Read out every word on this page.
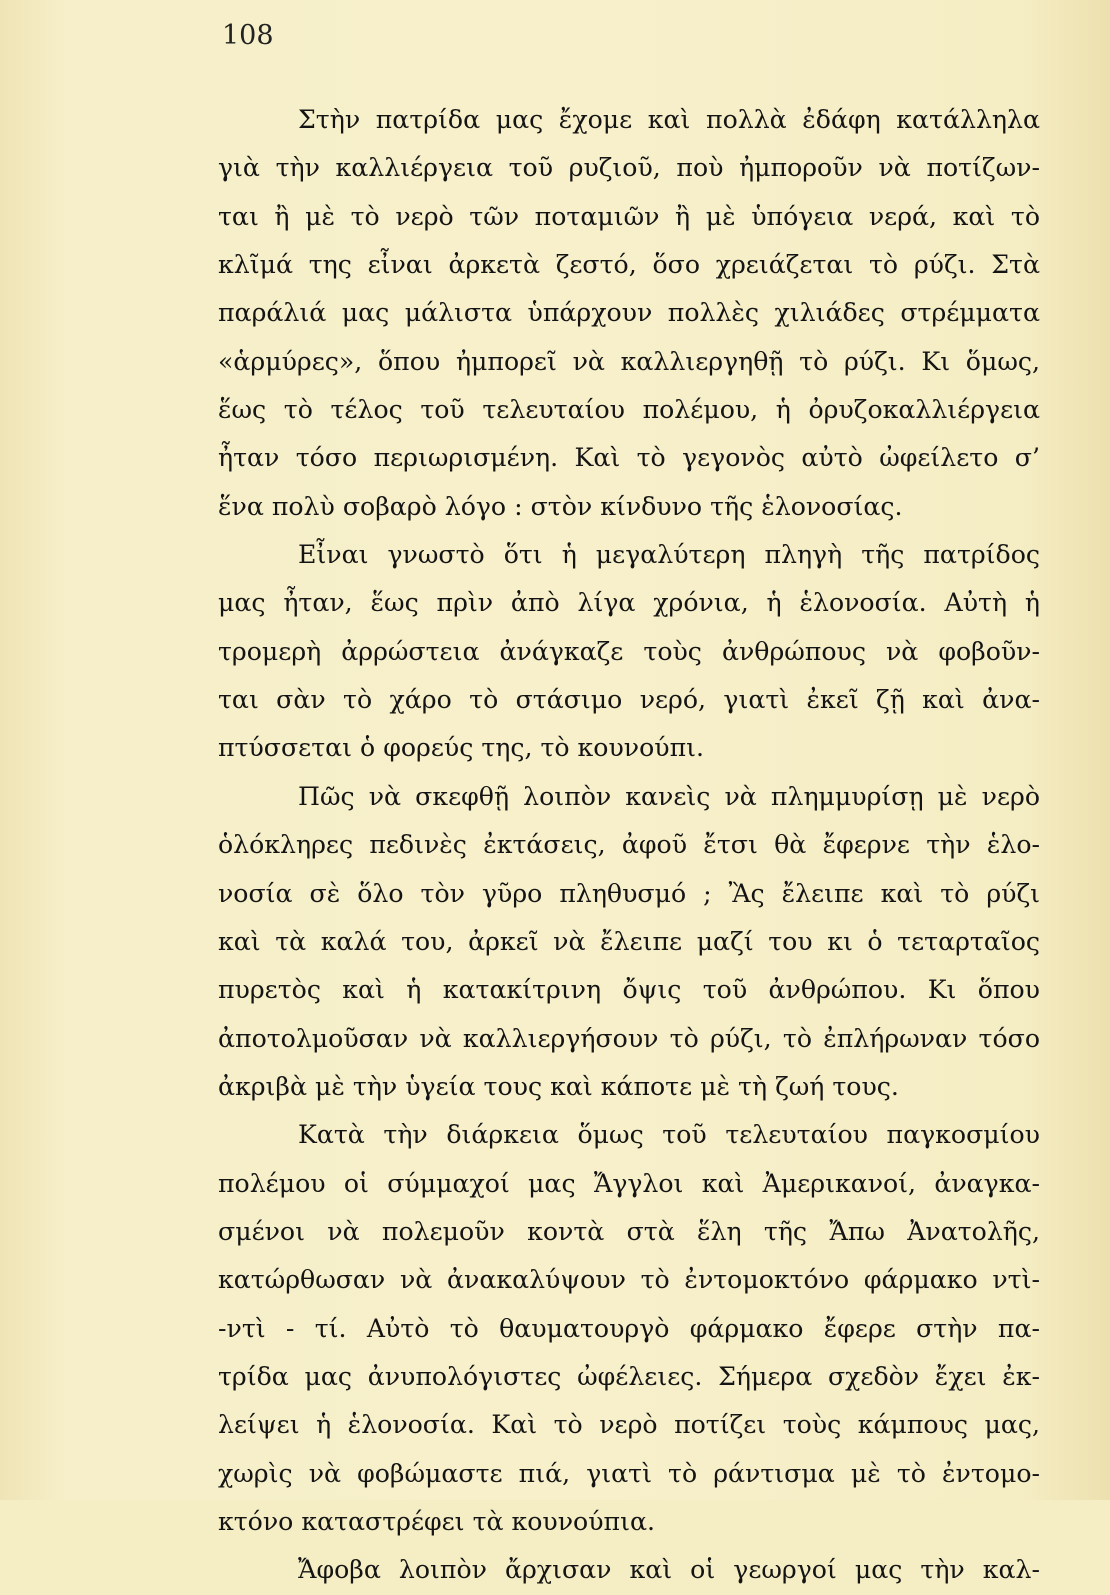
108
Στὴν πατρίδα μας ἔχομε καὶ πολλὰ ἐδάφη κατάλληλα
γιὰ τὴν καλλιέργεια τοῦ ρυζιοῦ, ποὺ ἠμποροῦν νὰ ποτίζων-
ται ἢ μὲ τὸ νερὸ τῶν ποταμιῶν ἢ μὲ ὑπόγεια νερά, καὶ τὸ
κλῖμά της εἶναι ἀρκετὰ ζεστό, ὅσο χρειάζεται τὸ ρύζι. Στὰ
παράλιά μας μάλιστα ὑπάρχουν πολλὲς χιλιάδες στρέμματα
«ἁρμύρες», ὅπου ἠμπορεῖ νὰ καλλιεργηθῇ τὸ ρύζι. Κι ὅμως,
ἕως τὸ τέλος τοῦ τελευταίου πολέμου, ἡ ὀρυζοκαλλιέργεια
ἦταν τόσο περιωρισμένη. Καὶ τὸ γεγονὸς αὐτὸ ὠφείλετο σ’
ἕνα πολὺ σοβαρὸ λόγο : στὸν κίνδυνο τῆς ἑλονοσίας.
Εἶναι γνωστὸ ὅτι ἡ μεγαλύτερη πληγὴ τῆς πατρίδος
μας ἦταν, ἕως πρὶν ἀπὸ λίγα χρόνια, ἡ ἑλονοσία. Αὐτὴ ἡ
τρομερὴ ἀρρώστεια ἀνάγκαζε τοὺς ἀνθρώπους νὰ φοβοῦν-
ται σὰν τὸ χάρο τὸ στάσιμο νερό, γιατὶ ἐκεῖ ζῇ καὶ ἀνα-
πτύσσεται ὁ φορεύς της, τὸ κουνούπι.
Πῶς νὰ σκεφθῇ λοιπὸν κανεὶς νὰ πλημμυρίσῃ μὲ νερὸ
ὁλόκληρες πεδινὲς ἐκτάσεις, ἀφοῦ ἔτσι θὰ ἔφερνε τὴν ἑλο-
νοσία σὲ ὅλο τὸν γῦρο πληθυσμό ; Ἂς ἔλειπε καὶ τὸ ρύζι
καὶ τὰ καλά του, ἀρκεῖ νὰ ἔλειπε μαζί του κι ὁ τεταρταῖος
πυρετὸς καὶ ἡ κατακίτρινη ὄψις τοῦ ἀνθρώπου. Κι ὅπου
ἀποτολμοῦσαν νὰ καλλιεργήσουν τὸ ρύζι, τὸ ἐπλήρωναν τόσο
ἀκριβὰ μὲ τὴν ὑγεία τους καὶ κάποτε μὲ τὴ ζωή τους.
Κατὰ τὴν διάρκεια ὅμως τοῦ τελευταίου παγκοσμίου
πολέμου οἱ σύμμαχοί μας Ἄγγλοι καὶ Ἀμερικανοί, ἀναγκα-
σμένοι νὰ πολεμοῦν κοντὰ στὰ ἕλη τῆς Ἄπω Ἀνατολῆς,
κατώρθωσαν νὰ ἀνακαλύψουν τὸ ἐντομοκτόνο φάρμακο ντὶ-
-ντὶ - τί. Αὐτὸ τὸ θαυματουργὸ φάρμακο ἔφερε στὴν πα-
τρίδα μας ἀνυπολόγιστες ὠφέλειες. Σήμερα σχεδὸν ἔχει ἐκ-
λείψει ἡ ἑλονοσία. Καὶ τὸ νερὸ ποτίζει τοὺς κάμπους μας,
χωρὶς νὰ φοβώμαστε πιά, γιατὶ τὸ ράντισμα μὲ τὸ ἐντομο-
κτόνο καταστρέφει τὰ κουνούπια.
Ἄφοβα λοιπὸν ἄρχισαν καὶ οἱ γεωργοί μας τὴν καλ-
